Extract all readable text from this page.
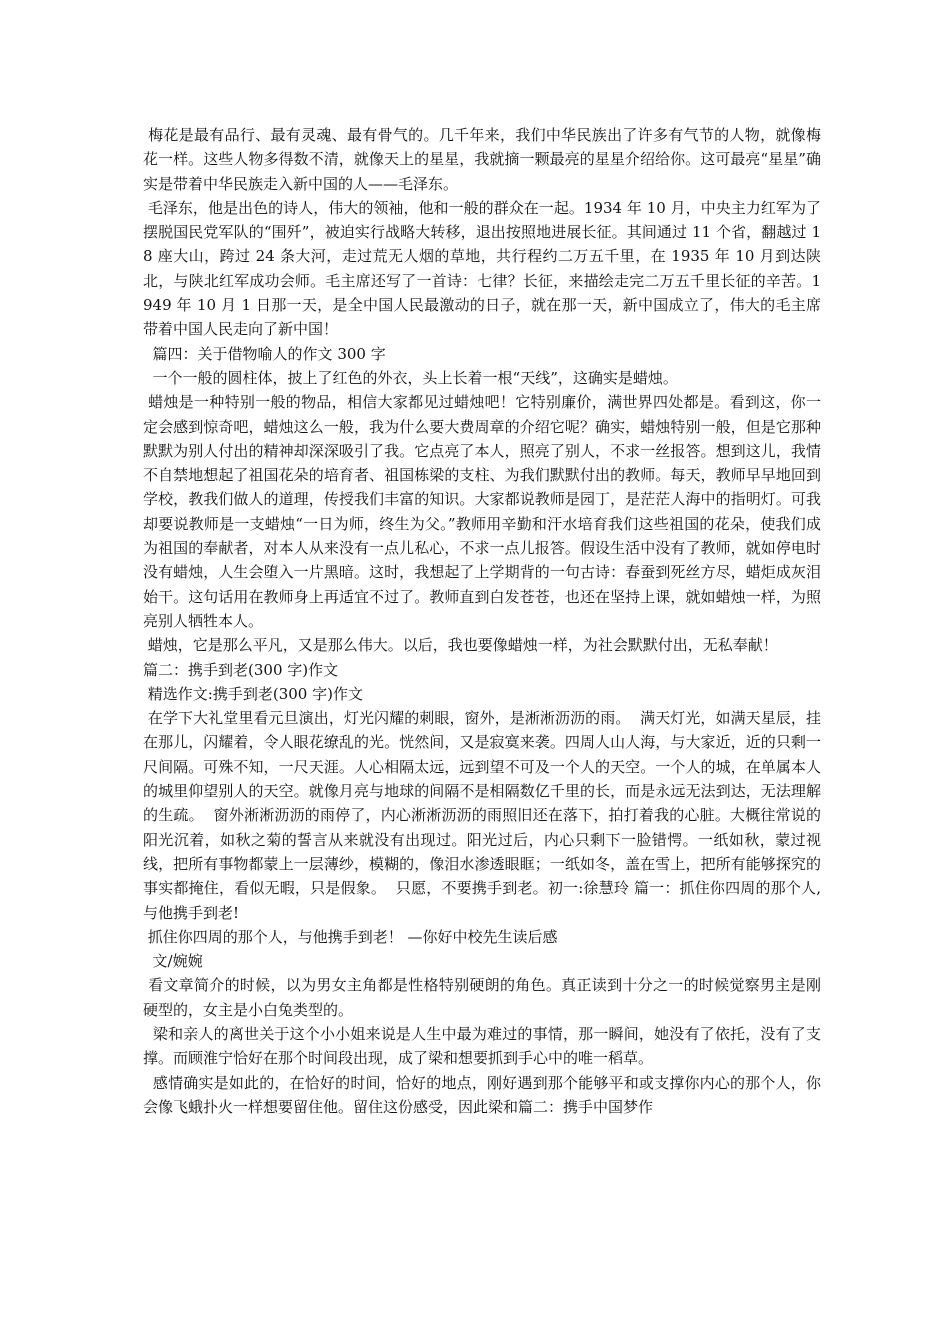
梅花是最有品行、最有灵魂、最有骨气的。几千年来，我们中华民族出了许多有气节的人物，就像梅花一样。这些人物多得数不清，就像天上的星星，我就摘一颗最亮的星星介绍给你。这可最亮“星星”确实是带着中华民族走入新中国的人——毛泽东。

毛泽东，他是出色的诗人，伟大的领袖，他和一般的群众在一起。1934 年 10 月，中央主力红军为了摆脱国民党军队的“围歼”，被迫实行战略大转移，退出按照地进展长征。其间通过 11 个省，翻越过 18 座大山，跨过 24 条大河，走过荒无人烟的草地，共行程约二万五千里，在 1935 年 10 月到达陕北，与陕北红军成功会师。毛主席还写了一首诗：七律？长征，来描绘走完二万五千里长征的辛苦。1949 年 10 月 1 日那一天，是全中国人民最激动的日子，就在那一天，新中国成立了，伟大的毛主席带着中国人民走向了新中国！

篇四：关于借物喻人的作文 300 字

一个一般的圆柱体，披上了红色的外衣，头上长着一根“天线”，这确实是蜡烛。

蜡烛是一种特别一般的物品，相信大家都见过蜡烛吧！它特别廉价，满世界四处都是。看到这，你一定会感到惊奇吧，蜡烛这么一般，我为什么要大费周章的介绍它呢？确实，蜡烛特别一般，但是它那种默默为别人付出的精神却深深吸引了我。它点亮了本人，照亮了别人，不求一丝报答。想到这儿，我情不自禁地想起了祖国花朵的培育者、祖国栋梁的支柱、为我们默默付出的教师。每天，教师早早地回到学校，教我们做人的道理，传授我们丰富的知识。大家都说教师是园丁，是茫茫人海中的指明灯。可我却要说教师是一支蜡烛“一日为师，终生为父。”教师用辛勤和汗水培育我们这些祖国的花朵，使我们成为祖国的奉献者，对本人从来没有一点儿私心，不求一点儿报答。假设生活中没有了教师，就如停电时没有蜡烛，人生会堕入一片黑暗。这时，我想起了上学期背的一句古诗：春蚕到死丝方尽，蜡炬成灰泪始干。这句话用在教师身上再适宜不过了。教师直到白发苍苍，也还在坚持上课，就如蜡烛一样，为照亮别人牺牲本人。

蜡烛，它是那么平凡，又是那么伟大。以后，我也要像蜡烛一样，为社会默默付出，无私奉献！

篇二：携手到老(300 字)作文

精选作文:携手到老(300 字)作文

在学下大礼堂里看元旦演出，灯光闪耀的刺眼，窗外，是淅淅沥沥的雨。  满天灯光，如满天星辰，挂在那儿，闪耀着，令人眼花缭乱的光。恍然间，又是寂寞来袭。四周人山人海，与大家近，近的只剩一尺间隔。可殊不知，一尺天涯。人心相隔太远，远到望不可及一个人的天空。一个人的城，在单属本人的城里仰望别人的天空。就像月亮与地球的间隔不是相隔数亿千里的长，而是永远无法到达，无法理解的生疏。  窗外淅淅沥沥的雨停了，内心淅淅沥沥的雨照旧还在落下，拍打着我的心脏。大概往常说的阳光沉着，如秋之菊的誓言从来就没有出现过。阳光过后，内心只剩下一脸错愕。一纸如秋，蒙过视线，把所有事物都蒙上一层薄纱，模糊的，像泪水渗透眼眶；一纸如冬，盖在雪上，把所有能够探究的事实都掩住，看似无暇，只是假象。  只愿，不要携手到老。初一:徐慧玲 篇一：抓住你四周的那个人,与他携手到老!

抓住你四周的那个人，与他携手到老！ —你好中校先生读后感

文/婉婉

看文章简介的时候，以为男女主角都是性格特别硬朗的角色。真正读到十分之一的时候觉察男主是刚硬型的，女主是小白兔类型的。

梁和亲人的离世关于这个小小姐来说是人生中最为难过的事情，那一瞬间，她没有了依托，没有了支撑。而顾淮宁恰好在那个时间段出现，成了梁和想要抓到手心中的唯一稻草。

感情确实是如此的，在恰好的时间，恰好的地点，刚好遇到那个能够平和或支撑你内心的那个人，你会像飞蛾扑火一样想要留住他。留住这份感受，因此梁和篇二：携手中国梦作
